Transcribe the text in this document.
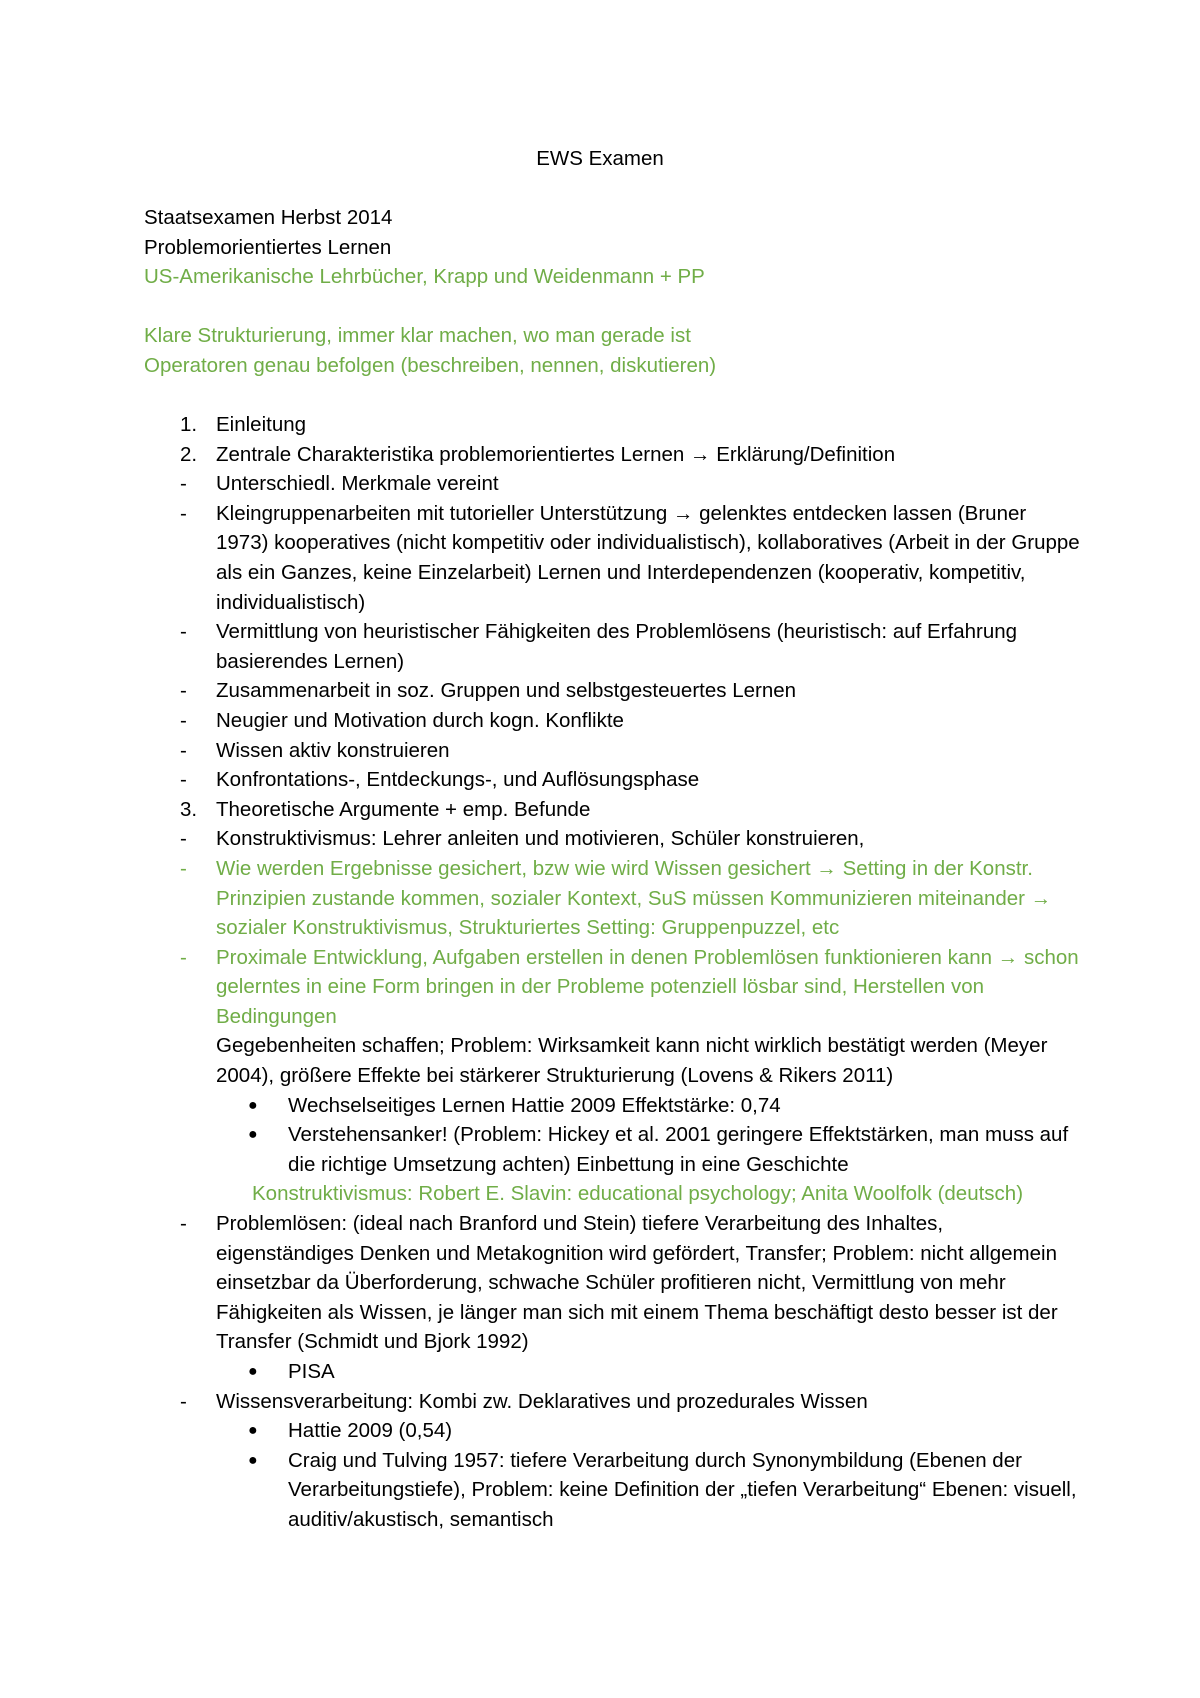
EWS Examen
Staatsexamen Herbst 2014
Problemorientiertes Lernen
US-Amerikanische Lehrbücher, Krapp und Weidenmann + PP
Klare Strukturierung, immer klar machen, wo man gerade ist
Operatoren genau befolgen (beschreiben, nennen, diskutieren)
1. Einleitung
2. Zentrale Charakteristika problemorientiertes Lernen → Erklärung/Definition
- Unterschiedl. Merkmale vereint
- Kleingruppenarbeiten mit tutorieller Unterstützung → gelenktes entdecken lassen (Bruner 1973) kooperatives (nicht kompetitiv oder individualistisch), kollaboratives (Arbeit in der Gruppe als ein Ganzes, keine Einzelarbeit) Lernen und Interdependenzen (kooperativ, kompetitiv, individualistisch)
- Vermittlung von heuristischer Fähigkeiten des Problemlösens (heuristisch: auf Erfahrung basierendes Lernen)
- Zusammenarbeit in soz. Gruppen und selbstgesteuertes Lernen
- Neugier und Motivation durch kogn. Konflikte
- Wissen aktiv konstruieren
- Konfrontations-, Entdeckungs-, und Auflösungsphase
3. Theoretische Argumente + emp. Befunde
- Konstruktivismus: Lehrer anleiten und motivieren, Schüler konstruieren,
- Wie werden Ergebnisse gesichert, bzw wie wird Wissen gesichert → Setting in der Konstr. Prinzipien zustande kommen, sozialer Kontext, SuS müssen Kommunizieren miteinander → sozialer Konstruktivismus, Strukturiertes Setting: Gruppenpuzzel, etc
- Proximale Entwicklung, Aufgaben erstellen in denen Problemlösen funktionieren kann → schon gelerntes in eine Form bringen in der Probleme potenziell lösbar sind, Herstellen von Bedingungen
Gegebenheiten schaffen; Problem: Wirksamkeit kann nicht wirklich bestätigt werden (Meyer 2004), größere Effekte bei stärkerer Strukturierung (Lovens & Rikers 2011)
● Wechselseitiges Lernen Hattie 2009 Effektstärke: 0,74
● Verstehensanker! (Problem: Hickey et al. 2001 geringere Effektstärken, man muss auf die richtige Umsetzung achten) Einbettung in eine Geschichte
Konstruktivismus: Robert E. Slavin: educational psychology; Anita Woolfolk (deutsch)
- Problemlösen: (ideal nach Branford und Stein) tiefere Verarbeitung des Inhaltes, eigenständiges Denken und Metakognition wird gefördert, Transfer; Problem: nicht allgemein einsetzbar da Überforderung, schwache Schüler profitieren nicht, Vermittlung von mehr Fähigkeiten als Wissen, je länger man sich mit einem Thema beschäftigt desto besser ist der Transfer (Schmidt und Bjork 1992)
● PISA
- Wissensverarbeitung: Kombi zw. Deklaratives und prozedurales Wissen
● Hattie 2009 (0,54)
● Craig und Tulving 1957: tiefere Verarbeitung durch Synonymbildung (Ebenen der Verarbeitungstiefe), Problem: keine Definition der „tiefen Verarbeitung“ Ebenen: visuell, auditiv/akustisch, semantisch
